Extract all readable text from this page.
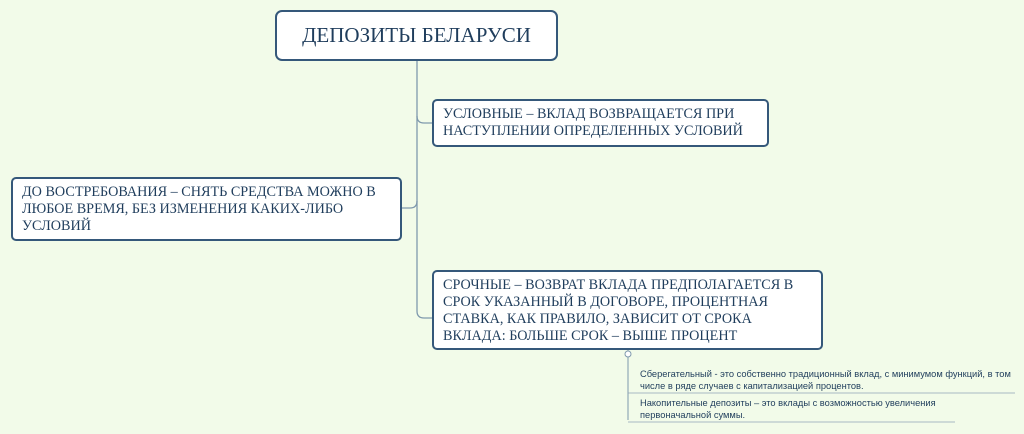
ДЕПОЗИТЫ БЕЛАРУСИ
УСЛОВНЫЕ – ВКЛАД ВОЗВРАЩАЕТСЯ ПРИ НАСТУПЛЕНИИ ОПРЕДЕЛЕННЫХ УСЛОВИЙ
ДО ВОСТРЕБОВАНИЯ – СНЯТЬ СРЕДСТВА МОЖНО В ЛЮБОЕ ВРЕМЯ, БЕЗ ИЗМЕНЕНИЯ КАКИХ-ЛИБО УСЛОВИЙ
СРОЧНЫЕ – ВОЗВРАТ ВКЛАДА ПРЕДПОЛАГАЕТСЯ В СРОК УКАЗАННЫЙ В ДОГОВОРЕ, ПРОЦЕНТНАЯ СТАВКА, КАК ПРАВИЛО, ЗАВИСИТ ОТ СРОКА ВКЛАДА: БОЛЬШЕ СРОК – ВЫШЕ ПРОЦЕНТ
Сберегательный - это собственно традиционный вклад, с минимумом функций, в том числе в ряде случаев с капитализацией процентов.
Накопительные депозиты – это вклады с возможностью увеличения первоначальной суммы.
